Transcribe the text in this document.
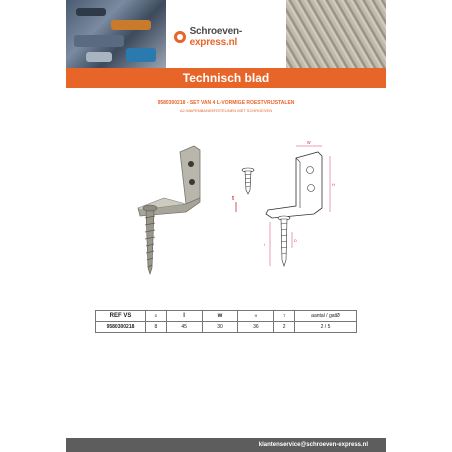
Schroeven-express.nl
Technisch blad
9580300218 - SET VAN 4 L-VORMIGE ROESTVRIJSTALEN
A2-WAPENBANKERSTEUNEN MET SCHROEVEN
w
H
t
l
D
REF VS	D	l	w	H	T	aantal / gatØ
9580300218	8	45	30	36	2	2 / 5
klantenservice@schroeven-express.nl
